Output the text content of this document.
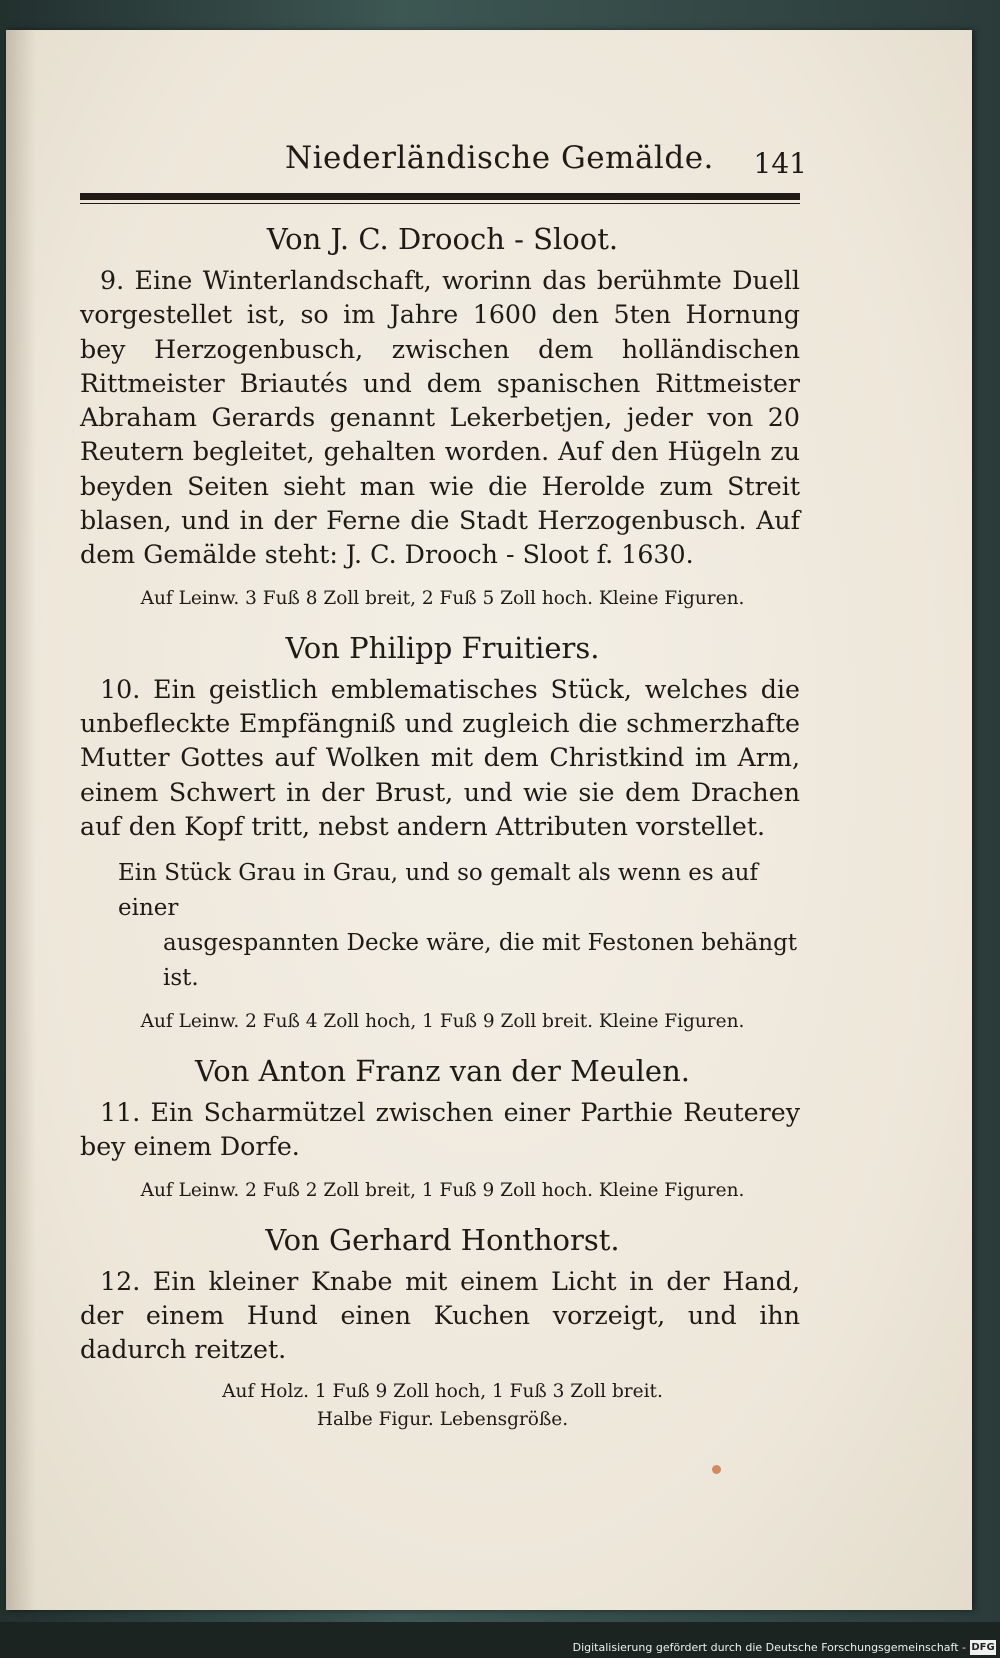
Niederländische Gemälde. 141
Von J. C. Drooch - Sloot.

9. Eine Winterlandschaft, worinn das berühmte Duell vorgestellet ist, so im Jahre 1600 den 5ten Hornung bey Herzogenbusch, zwischen dem holländischen Rittmeister Briautés und dem spanischen Rittmeister Abraham Gerards genannt Lekerbetjen, jeder von 20 Reutern begleitet, gehalten worden. Auf den Hügeln zu beyden Seiten sieht man wie die Herolde zum Streit blasen, und in der Ferne die Stadt Herzogenbusch. Auf dem Gemälde steht: J. C. Drooch - Sloot f. 1630.

Auf Leinw. 3 Fuß 8 Zoll breit, 2 Fuß 5 Zoll hoch. Kleine Figuren.
Von Philipp Fruitiers.

10. Ein geistlich emblematisches Stück, welches die unbefleckte Empfängniß und zugleich die schmerzhafte Mutter Gottes auf Wolken mit dem Christkind im Arm, einem Schwert in der Brust, und wie sie dem Drachen auf den Kopf tritt, nebst andern Attributen vorstellet.

Ein Stück Grau in Grau, und so gemalt als wenn es auf einer
ausgespannten Decke wäre, die mit Festonen behängt ist.
Auf Leinw. 2 Fuß 4 Zoll hoch, 1 Fuß 9 Zoll breit. Kleine Figuren.
Von Anton Franz van der Meulen.

11. Ein Scharmützel zwischen einer Parthie Reuterey bey einem Dorfe.

Auf Leinw. 2 Fuß 2 Zoll breit, 1 Fuß 9 Zoll hoch. Kleine Figuren.
Von Gerhard Honthorst.

12. Ein kleiner Knabe mit einem Licht in der Hand, der einem Hund einen Kuchen vorzeigt, und ihn dadurch reitzet.

Auf Holz. 1 Fuß 9 Zoll hoch, 1 Fuß 3 Zoll breit.
Halbe Figur. Lebensgröße.
Digitalisierung gefördert durch die Deutsche Forschungsgemeinschaft - DFG
